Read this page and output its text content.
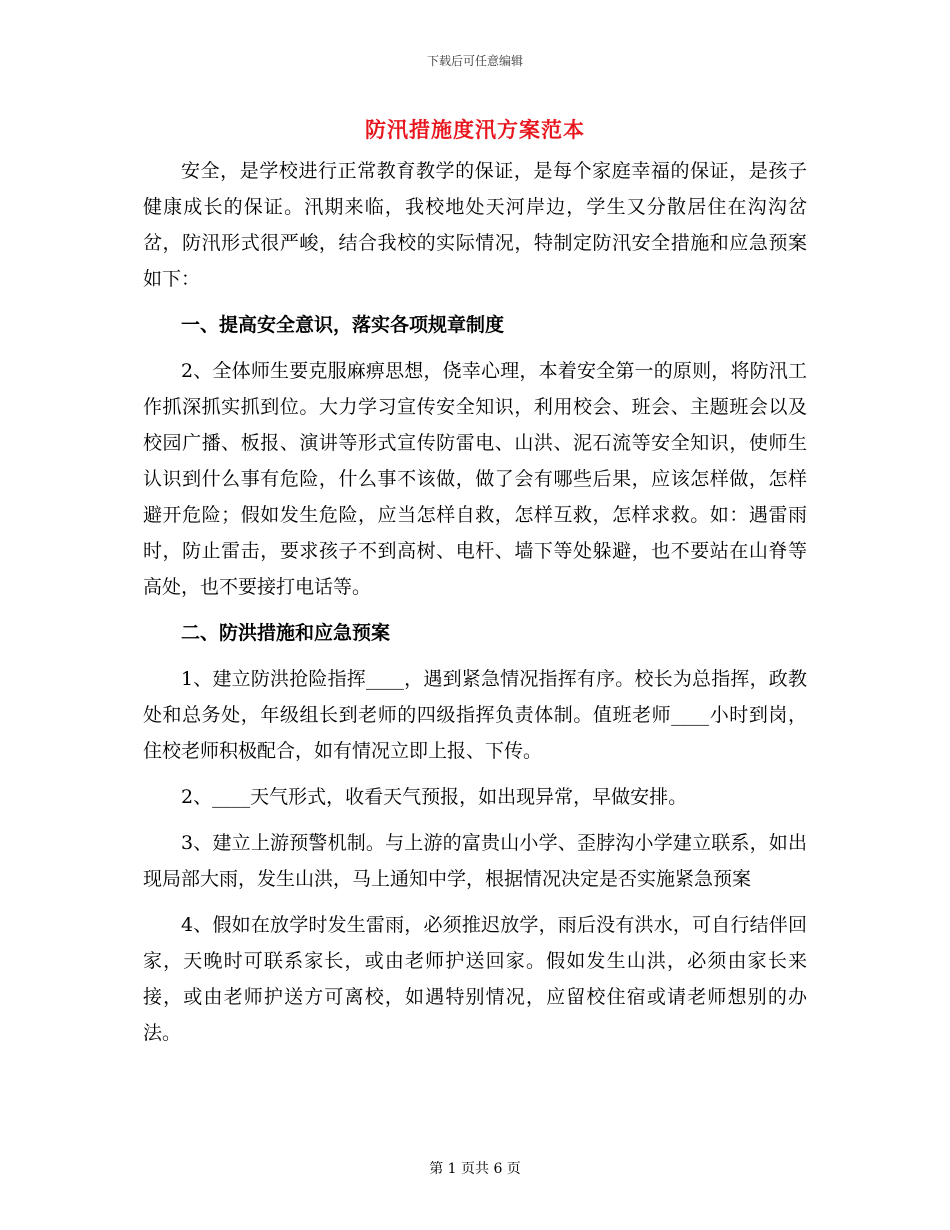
下载后可任意编辑
防汛措施度汛方案范本

安全，是学校进行正常教育教学的保证，是每个家庭幸福的保证，是孩子健康成长的保证。汛期来临，我校地处天河岸边，学生又分散居住在沟沟岔岔，防汛形式很严峻，结合我校的实际情况，特制定防汛安全措施和应急预案如下：

一、提高安全意识，落实各项规章制度

2、全体师生要克服麻痹思想，侥幸心理，本着安全第一的原则，将防汛工作抓深抓实抓到位。大力学习宣传安全知识，利用校会、班会、主题班会以及校园广播、板报、演讲等形式宣传防雷电、山洪、泥石流等安全知识，使师生认识到什么事有危险，什么事不该做，做了会有哪些后果，应该怎样做，怎样避开危险；假如发生危险，应当怎样自救，怎样互救，怎样求救。如：遇雷雨时，防止雷击，要求孩子不到高树、电杆、墙下等处躲避，也不要站在山脊等高处，也不要接打电话等。

二、防洪措施和应急预案

1、建立防洪抢险指挥____，遇到紧急情况指挥有序。校长为总指挥，政教处和总务处，年级组长到老师的四级指挥负责体制。值班老师____小时到岗，住校老师积极配合，如有情况立即上报、下传。

2、____天气形式，收看天气预报，如出现异常，早做安排。

3、建立上游预警机制。与上游的富贵山小学、歪脖沟小学建立联系，如出现局部大雨，发生山洪，马上通知中学，根据情况决定是否实施紧急预案

4、假如在放学时发生雷雨，必须推迟放学，雨后没有洪水，可自行结伴回家，天晚时可联系家长，或由老师护送回家。假如发生山洪，必须由家长来接，或由老师护送方可离校，如遇特别情况，应留校住宿或请老师想别的办法。

第 1 页共 6 页
